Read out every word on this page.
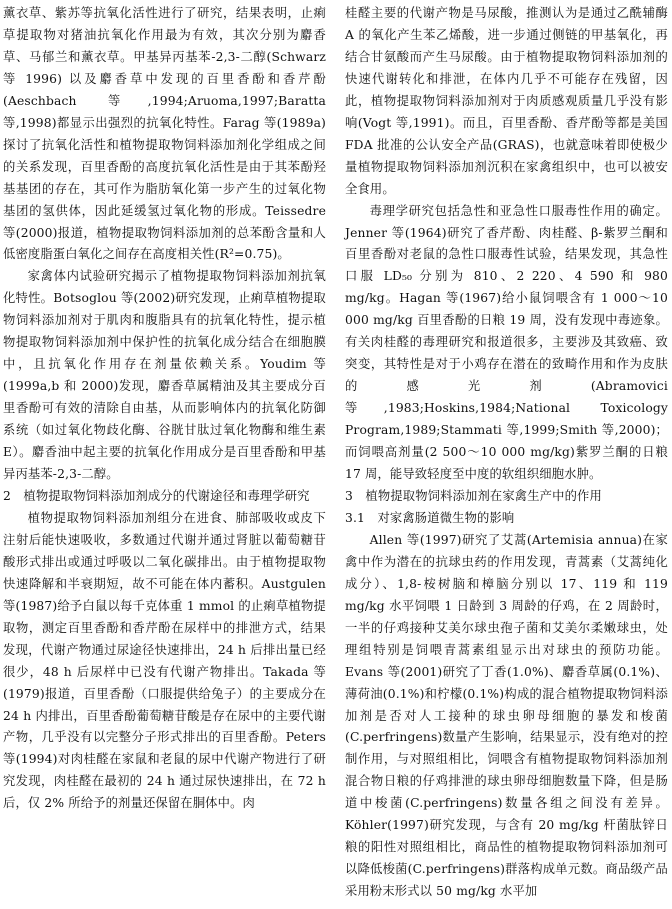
薰衣草、紫苏等抗氧化活性进行了研究，结果表明，止痢草提取物对猪油抗氧化作用最为有效，其次分别为麝香草、马郁兰和薰衣草。甲基异丙基苯-2,3-二醇(Schwarz 等 1996) 以及麝香草中发现的百里香酚和香芹酚(Aeschbach 等,1994;Aruoma,1997;Baratta 等,1998)都显示出强烈的抗氧化特性。Farag 等(1989a)探讨了抗氧化活性和植物提取物饲料添加剂化学组成之间的关系发现，百里香酚的高度抗氧化活性是由于其苯酚羟基基团的存在，其可作为脂肪氧化第一步产生的过氧化物基团的氢供体，因此延缓氢过氧化物的形成。Teissedre 等(2000)报道，植物提取物饲料添加剂的总苯酚含量和人低密度脂蛋白氧化之间存在高度相关性(R²=0.75)。

家禽体内试验研究揭示了植物提取物饲料添加剂抗氧化特性。Botsoglou 等(2002)研究发现，止痢草植物提取物饲料添加剂对于肌肉和腹脂具有的抗氧化特性，提示植物提取物饲料添加剂中保护性的抗氧化成分结合在细胞膜中，且抗氧化作用存在剂量依赖关系。Youdim 等(1999a,b 和 2000)发现，麝香草属精油及其主要成分百里香酚可有效的清除自由基，从而影响体内的抗氧化防御系统（如过氧化物歧化酶、谷胱甘肽过氧化物酶和维生素 E）。麝香油中起主要的抗氧化作用成分是百里香酚和甲基异丙基苯-2,3-二醇。

2　植物提取物饲料添加剂成分的代谢途径和毒理学研究

植物提取物饲料添加剂组分在进食、肺部吸收或皮下注射后能快速吸收，多数通过代谢并通过肾脏以葡萄糖苷酸形式排出或通过呼吸以二氧化碳排出。由于植物提取物快速降解和半衰期短，故不可能在体内蓄积。Austgulen 等(1987)给予白鼠以每千克体重 1 mmol 的止痢草植物提取物，测定百里香酚和香芹酚在尿样中的排泄方式，结果发现，代谢产物通过尿途径快速排出，24 h 后排出量已经很少，48 h 后尿样中已没有代谢产物排出。Takada 等(1979)报道，百里香酚（口服提供给兔子）的主要成分在 24 h 内排出，百里香酚葡萄糖苷酸是存在尿中的主要代谢产物，几乎没有以完整分子形式排出的百里香酚。Peters 等(1994)对肉桂醛在家鼠和老鼠的尿中代谢产物进行了研究发现，肉桂醛在最初的 24 h 通过尿快速排出，在 72 h 后，仅 2% 所给予的剂量还保留在胴体中。肉

桂醛主要的代谢产物是马尿酸，推测认为是通过乙酰辅酶 A 的氧化产生苯乙烯酸，进一步通过侧链的甲基氧化，再结合甘氨酸而产生马尿酸。由于植物提取物饲料添加剂的快速代谢转化和排泄，在体内几乎不可能存在残留，因此，植物提取物饲料添加剂对于肉质感观质量几乎没有影响(Vogt 等,1991)。而且，百里香酚、香芹酚等都是美国 FDA 批准的公认安全产品(GRAS)，也就意味着即使极少量植物提取物饲料添加剂沉积在家禽组织中，也可以被安全食用。

毒理学研究包括急性和亚急性口服毒性作用的确定。Jenner 等(1964)研究了香芹酚、肉桂醛、β-紫罗兰酮和百里香酚对老鼠的急性口服毒性试验，结果发现，其急性口服 LD₅₀ 分别为 810、2 220、4 590 和 980 mg/kg。Hagan 等(1967)给小鼠饲喂含有 1 000～10 000 mg/kg 百里香酚的日粮 19 周，没有发现中毒迹象。有关肉桂醛的毒理研究和报道很多，主要涉及其致癌、致突变，其特性是对于小鸡存在潜在的致畸作用和作为皮肤的感光剂(Abramovici 等,1983;Hoskins,1984;National Toxicology Program,1989;Stammati 等,1999;Smith 等,2000)；而饲喂高剂量(2 500～10 000 mg/kg)紫罗兰酮的日粮 17 周，能导致轻度至中度的软组织细胞水肿。

3　植物提取物饲料添加剂在家禽生产中的作用

3.1　对家禽肠道微生物的影响

Allen 等(1997)研究了艾蒿(Artemisia annua)在家禽中作为潜在的抗球虫药的作用发现，青蒿素（艾蒿纯化成分）、1,8-桉树脑和樟脑分别以 17、119 和 119 mg/kg 水平饲喂 1 日龄到 3 周龄的仔鸡，在 2 周龄时，一半的仔鸡接种艾美尔球虫孢子菌和艾美尔柔嫩球虫，处理组特别是饲喂青蒿素组显示出对球虫的预防功能。Evans 等(2001)研究了丁香(1.0%)、麝香草属(0.1%)、薄荷油(0.1%)和柠檬(0.1%)构成的混合植物提取物饲料添加剂是否对人工接种的球虫卵母细胞的暴发和梭菌(C.perfringens)数量产生影响，结果显示，没有绝对的控制作用，与对照组相比，饲喂含有植物提取物饲料添加剂混合物日粮的仔鸡排泄的球虫卵母细胞数量下降，但是肠道中梭菌(C.perfringens)数量各组之间没有差异。Köhler(1997)研究发现，与含有 20 mg/kg 杆菌肽锌日粮的阳性对照组相比，商品性的植物提取物饲料添加剂可以降低梭菌(C.perfringens)群落构成单元数。商品级产品采用粉末形式以 50 mg/kg 水平加
